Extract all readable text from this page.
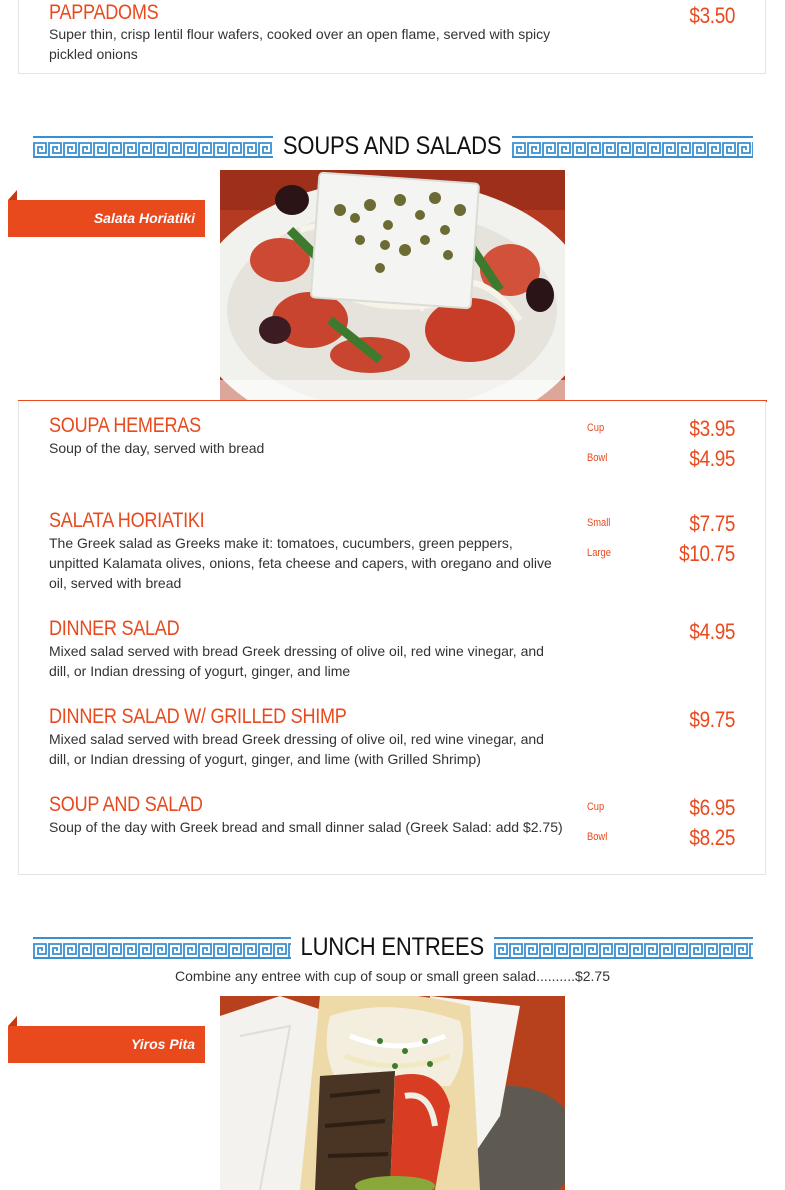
PAPPADOMS
Super thin, crisp lentil flour wafers, cooked over an open flame, served with spicy pickled onions
$3.50
SOUPS AND SALADS
Salata Horiatiki
SOUPA HEMERAS
Soup of the day, served with bread
Cup	$3.95
Bowl	$4.95
SALATA HORIATIKI
The Greek salad as Greeks make it: tomatoes, cucumbers, green peppers, unpitted Kalamata olives, onions, feta cheese and capers, with oregano and olive oil, served with bread
Small	$7.75
Large	$10.75
DINNER SALAD
Mixed salad served with bread Greek dressing of olive oil, red wine vinegar, and dill, or Indian dressing of yogurt, ginger, and lime
$4.95
DINNER SALAD W/ GRILLED SHIMP
Mixed salad served with bread Greek dressing of olive oil, red wine vinegar, and dill, or Indian dressing of yogurt, ginger, and lime (with Grilled Shrimp)
$9.75
SOUP AND SALAD
Soup of the day with Greek bread and small dinner salad (Greek Salad: add $2.75)
Cup	$6.95
Bowl	$8.25
LUNCH ENTREES
Combine any entree with cup of soup or small green salad..........$2.75
Yiros Pita
